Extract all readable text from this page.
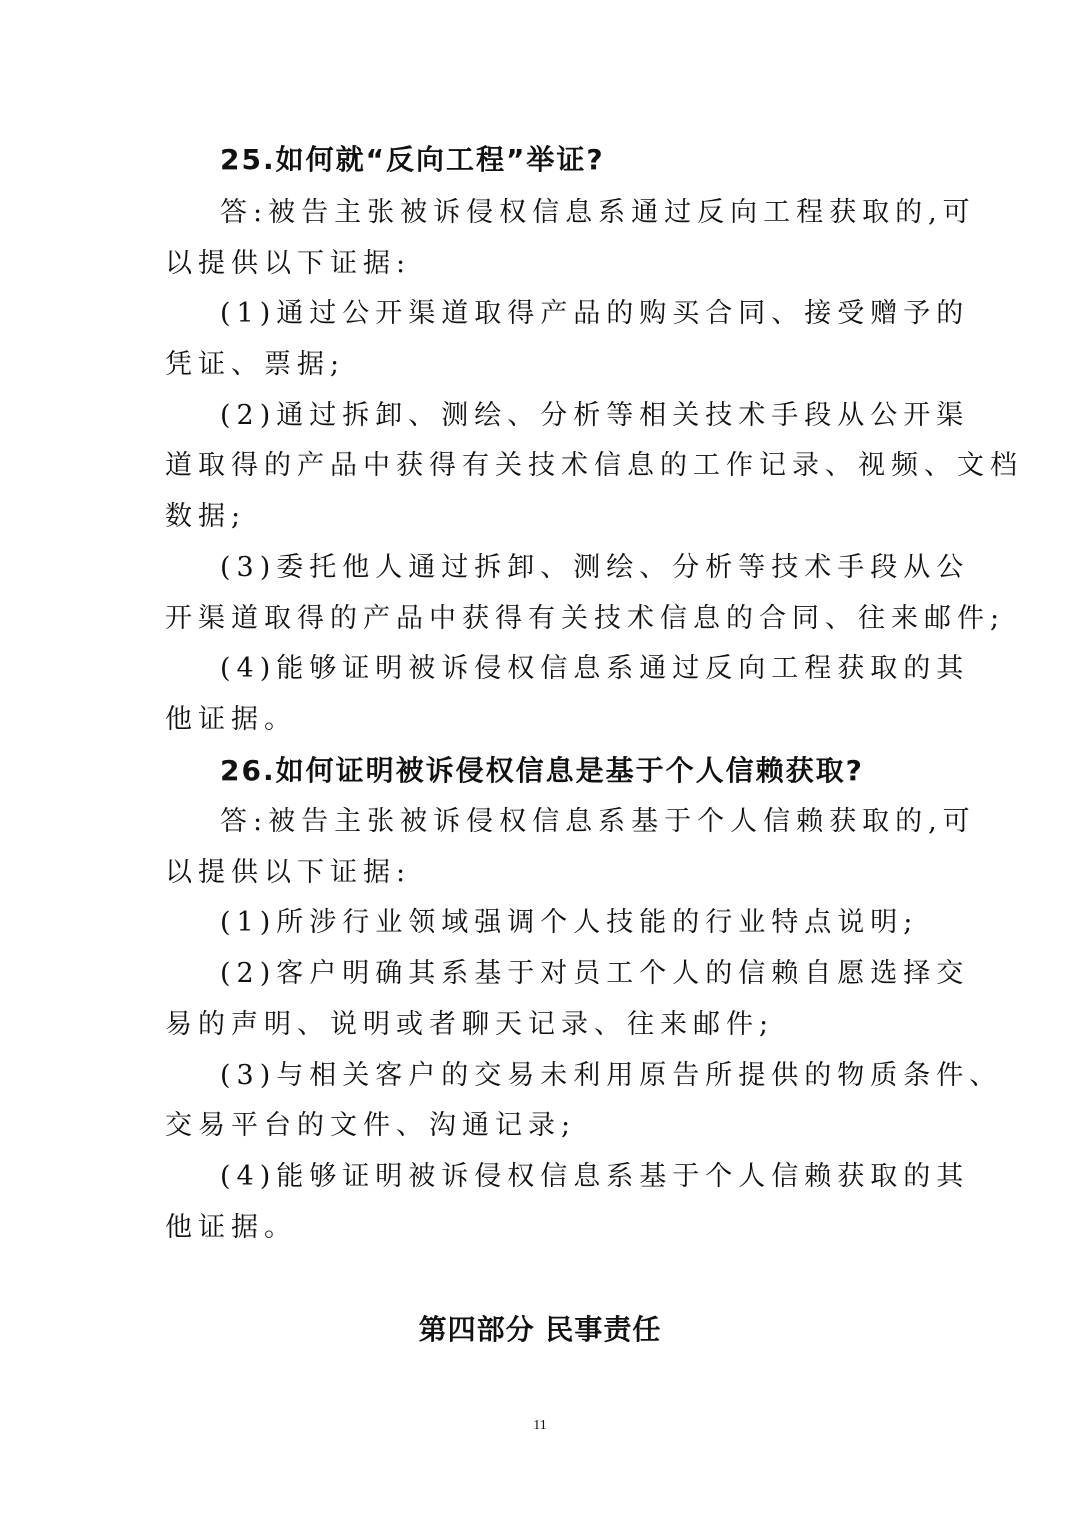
25.如何就“反向工程”举证?
答:被告主张被诉侵权信息系通过反向工程获取的,可
以提供以下证据:
(1)通过公开渠道取得产品的购买合同、接受赠予的
凭证、票据;
(2)通过拆卸、测绘、分析等相关技术手段从公开渠
道取得的产品中获得有关技术信息的工作记录、视频、文档
数据;
(3)委托他人通过拆卸、测绘、分析等技术手段从公
开渠道取得的产品中获得有关技术信息的合同、往来邮件;
(4)能够证明被诉侵权信息系通过反向工程获取的其
他证据。
26.如何证明被诉侵权信息是基于个人信赖获取?
答:被告主张被诉侵权信息系基于个人信赖获取的,可
以提供以下证据:
(1)所涉行业领域强调个人技能的行业特点说明;
(2)客户明确其系基于对员工个人的信赖自愿选择交
易的声明、说明或者聊天记录、往来邮件;
(3)与相关客户的交易未利用原告所提供的物质条件、
交易平台的文件、沟通记录;
(4)能够证明被诉侵权信息系基于个人信赖获取的其
他证据。
第四部分 民事责任
11
